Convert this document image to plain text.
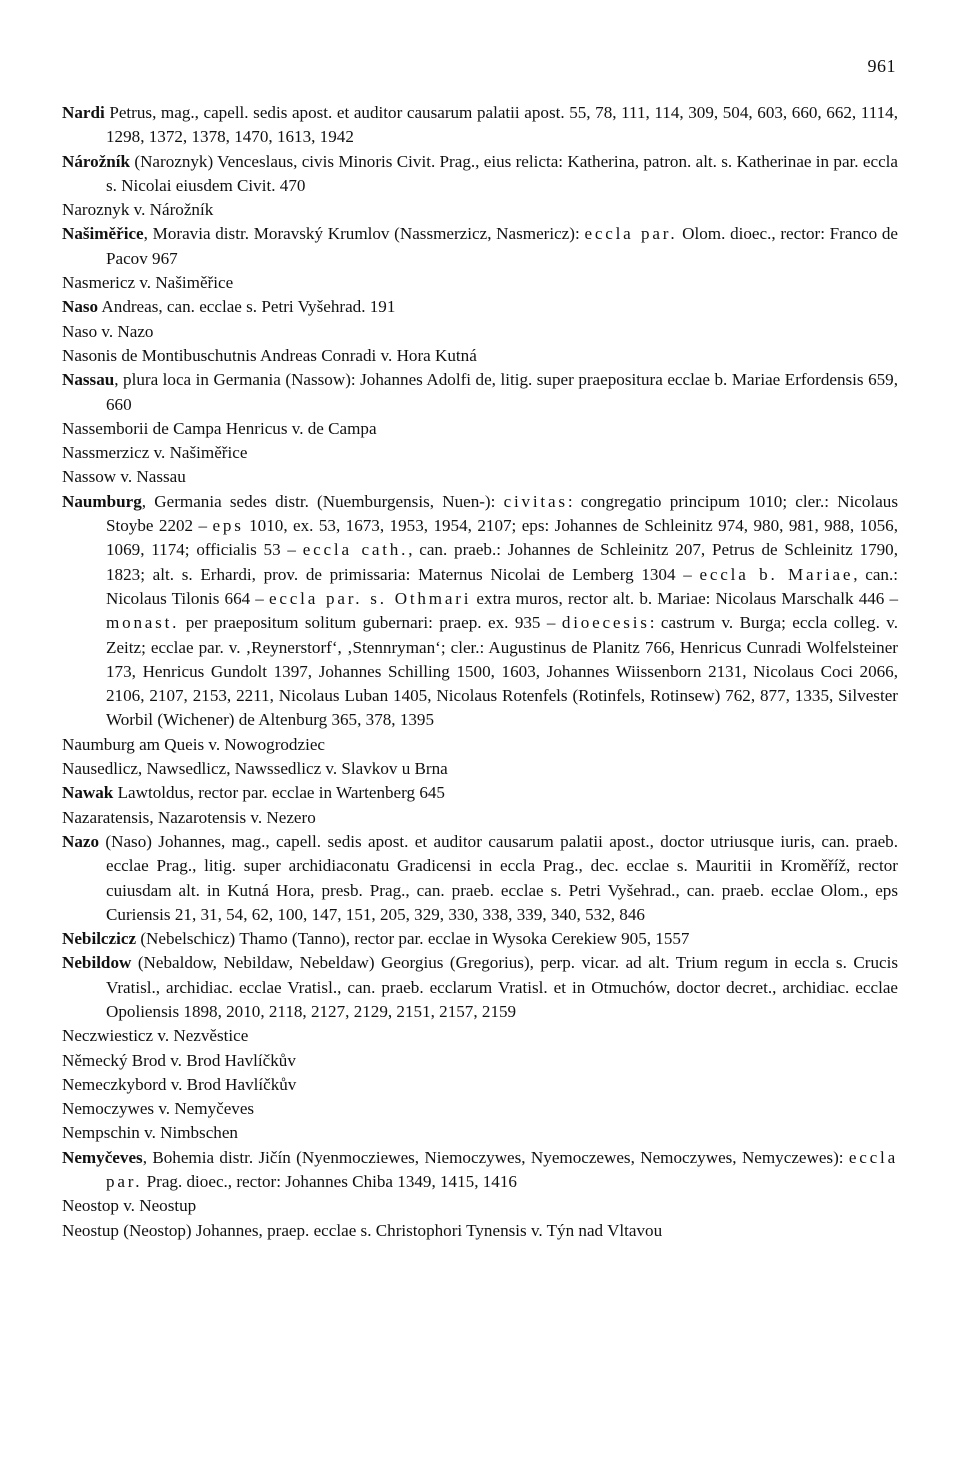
961

Nardi Petrus, mag., capell. sedis apost. et auditor causarum palatii apost. 55, 78, 111, 114, 309, 504, 603, 660, 662, 1114, 1298, 1372, 1378, 1470, 1613, 1942

Nárožník (Naroznyk) Venceslaus, civis Minoris Civit. Prag., eius relicta: Katherina, patron. alt. s. Katherinae in par. eccla s. Nicolai eiusdem Civit. 470

Naroznyk v. Nárožník

Našiměřice, Moravia distr. Moravský Krumlov (Nassmerzicz, Nasmericz): eccla par. Olom. dioec., rector: Franco de Pacov 967

Nasmericz v. Našiměřice

Naso Andreas, can. ecclae s. Petri Vyšehrad. 191

Naso v. Nazo

Nasonis de Montibuschutnis Andreas Conradi v. Hora Kutná

Nassau, plura loca in Germania (Nassow): Johannes Adolfi de, litig. super praepositura ecclae b. Mariae Erfordensis 659, 660

Nassemborii de Campa Henricus v. de Campa

Nassmerzicz v. Našiměřice

Nassow v. Nassau

Naumburg, Germania sedes distr. (Nuemburgensis, Nuen-): civitas: congregatio principum 1010; cler.: Nicolaus Stoybe 2202 – eps 1010, ex. 53, 1673, 1953, 1954, 2107; eps: Johannes de Schleinitz 974, 980, 981, 988, 1056, 1069, 1174; officialis 53 – eccla cath., can. praeb.: Johannes de Schleinitz 207, Petrus de Schleinitz 1790, 1823; alt. s. Erhardi, prov. de primissaria: Maternus Nicolai de Lemberg 1304 – eccla b. Mariae, can.: Nicolaus Tilonis 664 – eccla par. s. Othmari extra muros, rector alt. b. Mariae: Nicolaus Marschalk 446 – monast. per praepositum solitum gubernari: praep. ex. 935 – dioecesis: castrum v. Burga; eccla colleg. v. Zeitz; ecclae par. v. ‚Reynerstorf‘, ‚Stennryman‘; cler.: Augustinus de Planitz 766, Henricus Cunradi Wolfelsteiner 173, Henricus Gundolt 1397, Johannes Schilling 1500, 1603, Johannes Wiissenborn 2131, Nicolaus Coci 2066, 2106, 2107, 2153, 2211, Nicolaus Luban 1405, Nicolaus Rotenfels (Rotinfels, Rotinsew) 762, 877, 1335, Silvester Worbil (Wichener) de Altenburg 365, 378, 1395

Naumburg am Queis v. Nowogrodziec

Nausedlicz, Nawsedlicz, Nawssedlicz v. Slavkov u Brna

Nawak Lawtoldus, rector par. ecclae in Wartenberg 645

Nazaratensis, Nazarotensis v. Nezero

Nazo (Naso) Johannes, mag., capell. sedis apost. et auditor causarum palatii apost., doctor utriusque iuris, can. praeb. ecclae Prag., litig. super archidiaconatu Gradicensi in eccla Prag., dec. ecclae s. Mauritii in Kroměříž, rector cuiusdam alt. in Kutná Hora, presb. Prag., can. praeb. ecclae s. Petri Vyšehrad., can. praeb. ecclae Olom., eps Curiensis 21, 31, 54, 62, 100, 147, 151, 205, 329, 330, 338, 339, 340, 532, 846

Nebilczicz (Nebelschicz) Thamo (Tanno), rector par. ecclae in Wysoka Cerekiew 905, 1557

Nebildow (Nebaldow, Nebildaw, Nebeldaw) Georgius (Gregorius), perp. vicar. ad alt. Trium regum in eccla s. Crucis Vratisl., archidiac. ecclae Vratisl., can. praeb. ecclarum Vratisl. et in Otmuchów, doctor decret., archidiac. ecclae Opoliensis 1898, 2010, 2118, 2127, 2129, 2151, 2157, 2159

Neczwiesticz v. Nezvěstice

Německý Brod v. Brod Havlíčkův

Nemeczkybord v. Brod Havlíčkův

Nemoczywes v. Nemyčeves

Nempschin v. Nimbschen

Nemyčeves, Bohemia distr. Jičín (Nyenmocziewes, Niemoczywes, Nyemoczewes, Nemoczywes, Nemyczewes): eccla par. Prag. dioec., rector: Johannes Chiba 1349, 1415, 1416

Neostop v. Neostup

Neostup (Neostop) Johannes, praep. ecclae s. Christophori Tynensis v. Týn nad Vltavou
